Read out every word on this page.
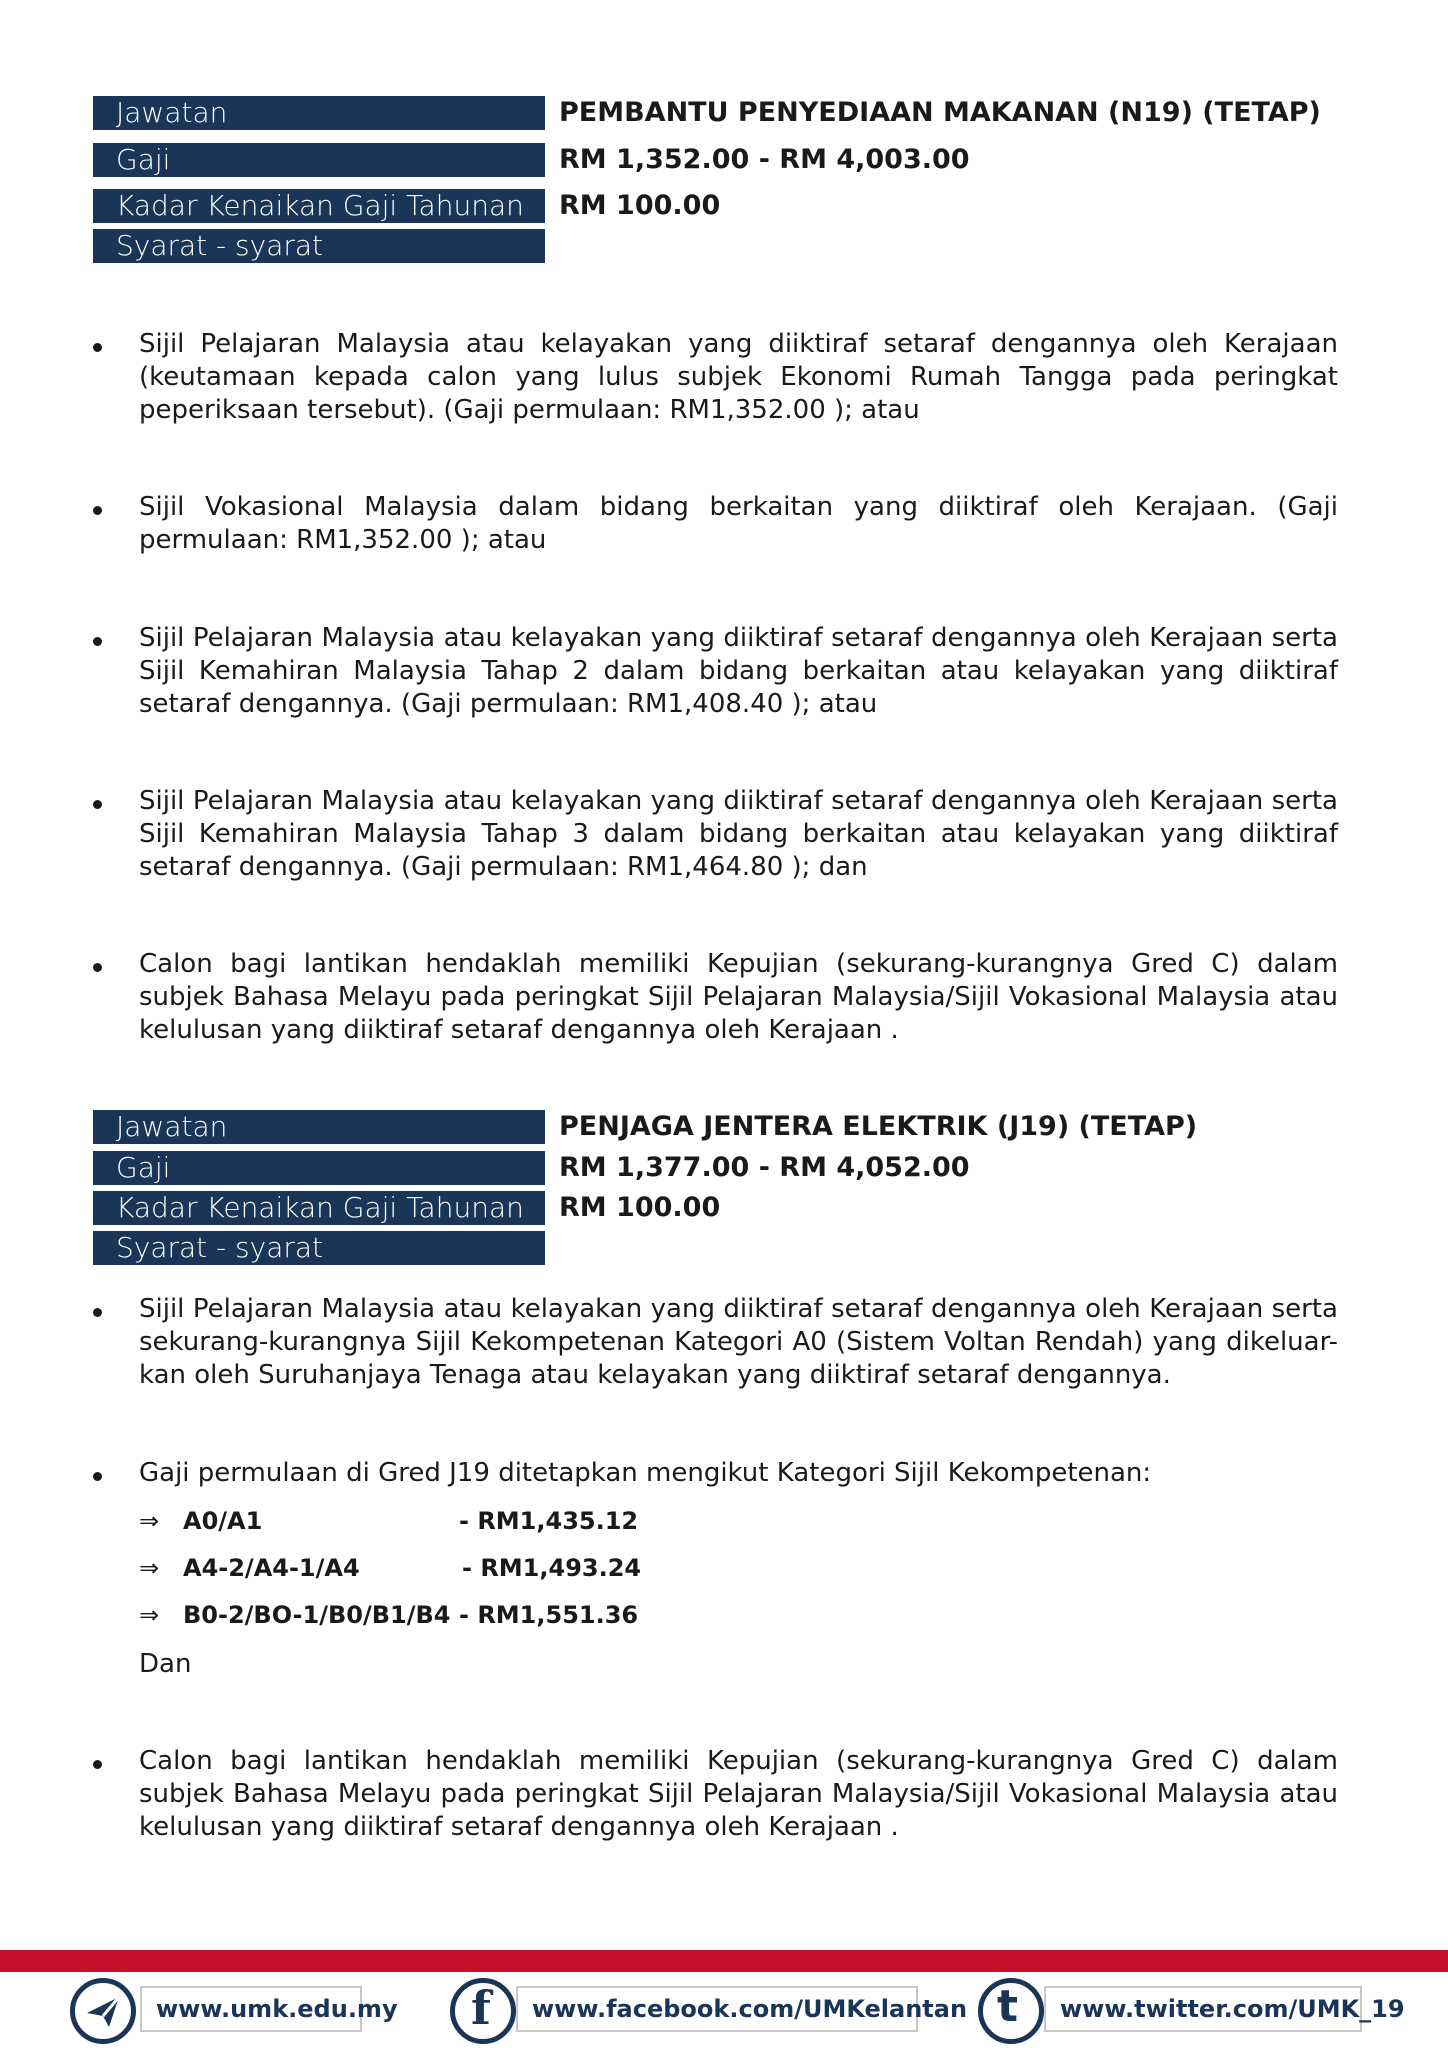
Jawatan	PEMBANTU PENYEDIAAN MAKANAN (N19) (TETAP)
Gaji	RM 1,352.00 - RM 4,003.00
Kadar Kenaikan Gaji Tahunan	RM 100.00
Syarat - syarat
Sijil Pelajaran Malaysia atau kelayakan yang diiktiraf setaraf dengannya oleh Kerajaan (keutamaan kepada calon yang lulus subjek Ekonomi Rumah Tangga pada peringkat peperiksaan tersebut). (Gaji permulaan: RM1,352.00 ); atau
Sijil Vokasional Malaysia dalam bidang berkaitan yang diiktiraf oleh Kerajaan. (Gaji permulaan: RM1,352.00 ); atau
Sijil Pelajaran Malaysia atau kelayakan yang diiktiraf setaraf dengannya oleh Kerajaan serta Sijil Kemahiran Malaysia Tahap 2 dalam bidang berkaitan atau kelayakan yang diiktiraf setaraf dengannya. (Gaji permulaan: RM1,408.40 ); atau
Sijil Pelajaran Malaysia atau kelayakan yang diiktiraf setaraf dengannya oleh Kerajaan serta Sijil Kemahiran Malaysia Tahap 3 dalam bidang berkaitan atau kelayakan yang diiktiraf setaraf dengannya. (Gaji permulaan: RM1,464.80 ); dan
Calon bagi lantikan hendaklah memiliki Kepujian (sekurang-kurangnya Gred C) dalam subjek Bahasa Melayu pada peringkat Sijil Pelajaran Malaysia/Sijil Vokasional Malaysia atau kelulusan yang diiktiraf setaraf dengannya oleh Kerajaan .
Jawatan	PENJAGA JENTERA ELEKTRIK (J19) (TETAP)
Gaji	RM 1,377.00 - RM 4,052.00
Kadar Kenaikan Gaji Tahunan	RM 100.00
Syarat - syarat
Sijil Pelajaran Malaysia atau kelayakan yang diiktiraf setaraf dengannya oleh Kerajaan serta sekurang-kurangnya Sijil Kekompetenan Kategori A0 (Sistem Voltan Rendah) yang dikeluar-kan oleh Suruhanjaya Tenaga atau kelayakan yang diiktiraf setaraf dengannya.
Gaji permulaan di Gred J19 ditetapkan mengikut Kategori Sijil Kekompetenan:
⇒ A0/A1	- RM1,435.12
⇒ A4-2/A4-1/A4	- RM1,493.24
⇒ B0-2/BO-1/B0/B1/B4 - RM1,551.36
Dan
Calon bagi lantikan hendaklah memiliki Kepujian (sekurang-kurangnya Gred C) dalam subjek Bahasa Melayu pada peringkat Sijil Pelajaran Malaysia/Sijil Vokasional Malaysia atau kelulusan yang diiktiraf setaraf dengannya oleh Kerajaan .
www.umk.edu.my f	www.facebook.com/UMKelantan t	www.twitter.com/UMK_19
